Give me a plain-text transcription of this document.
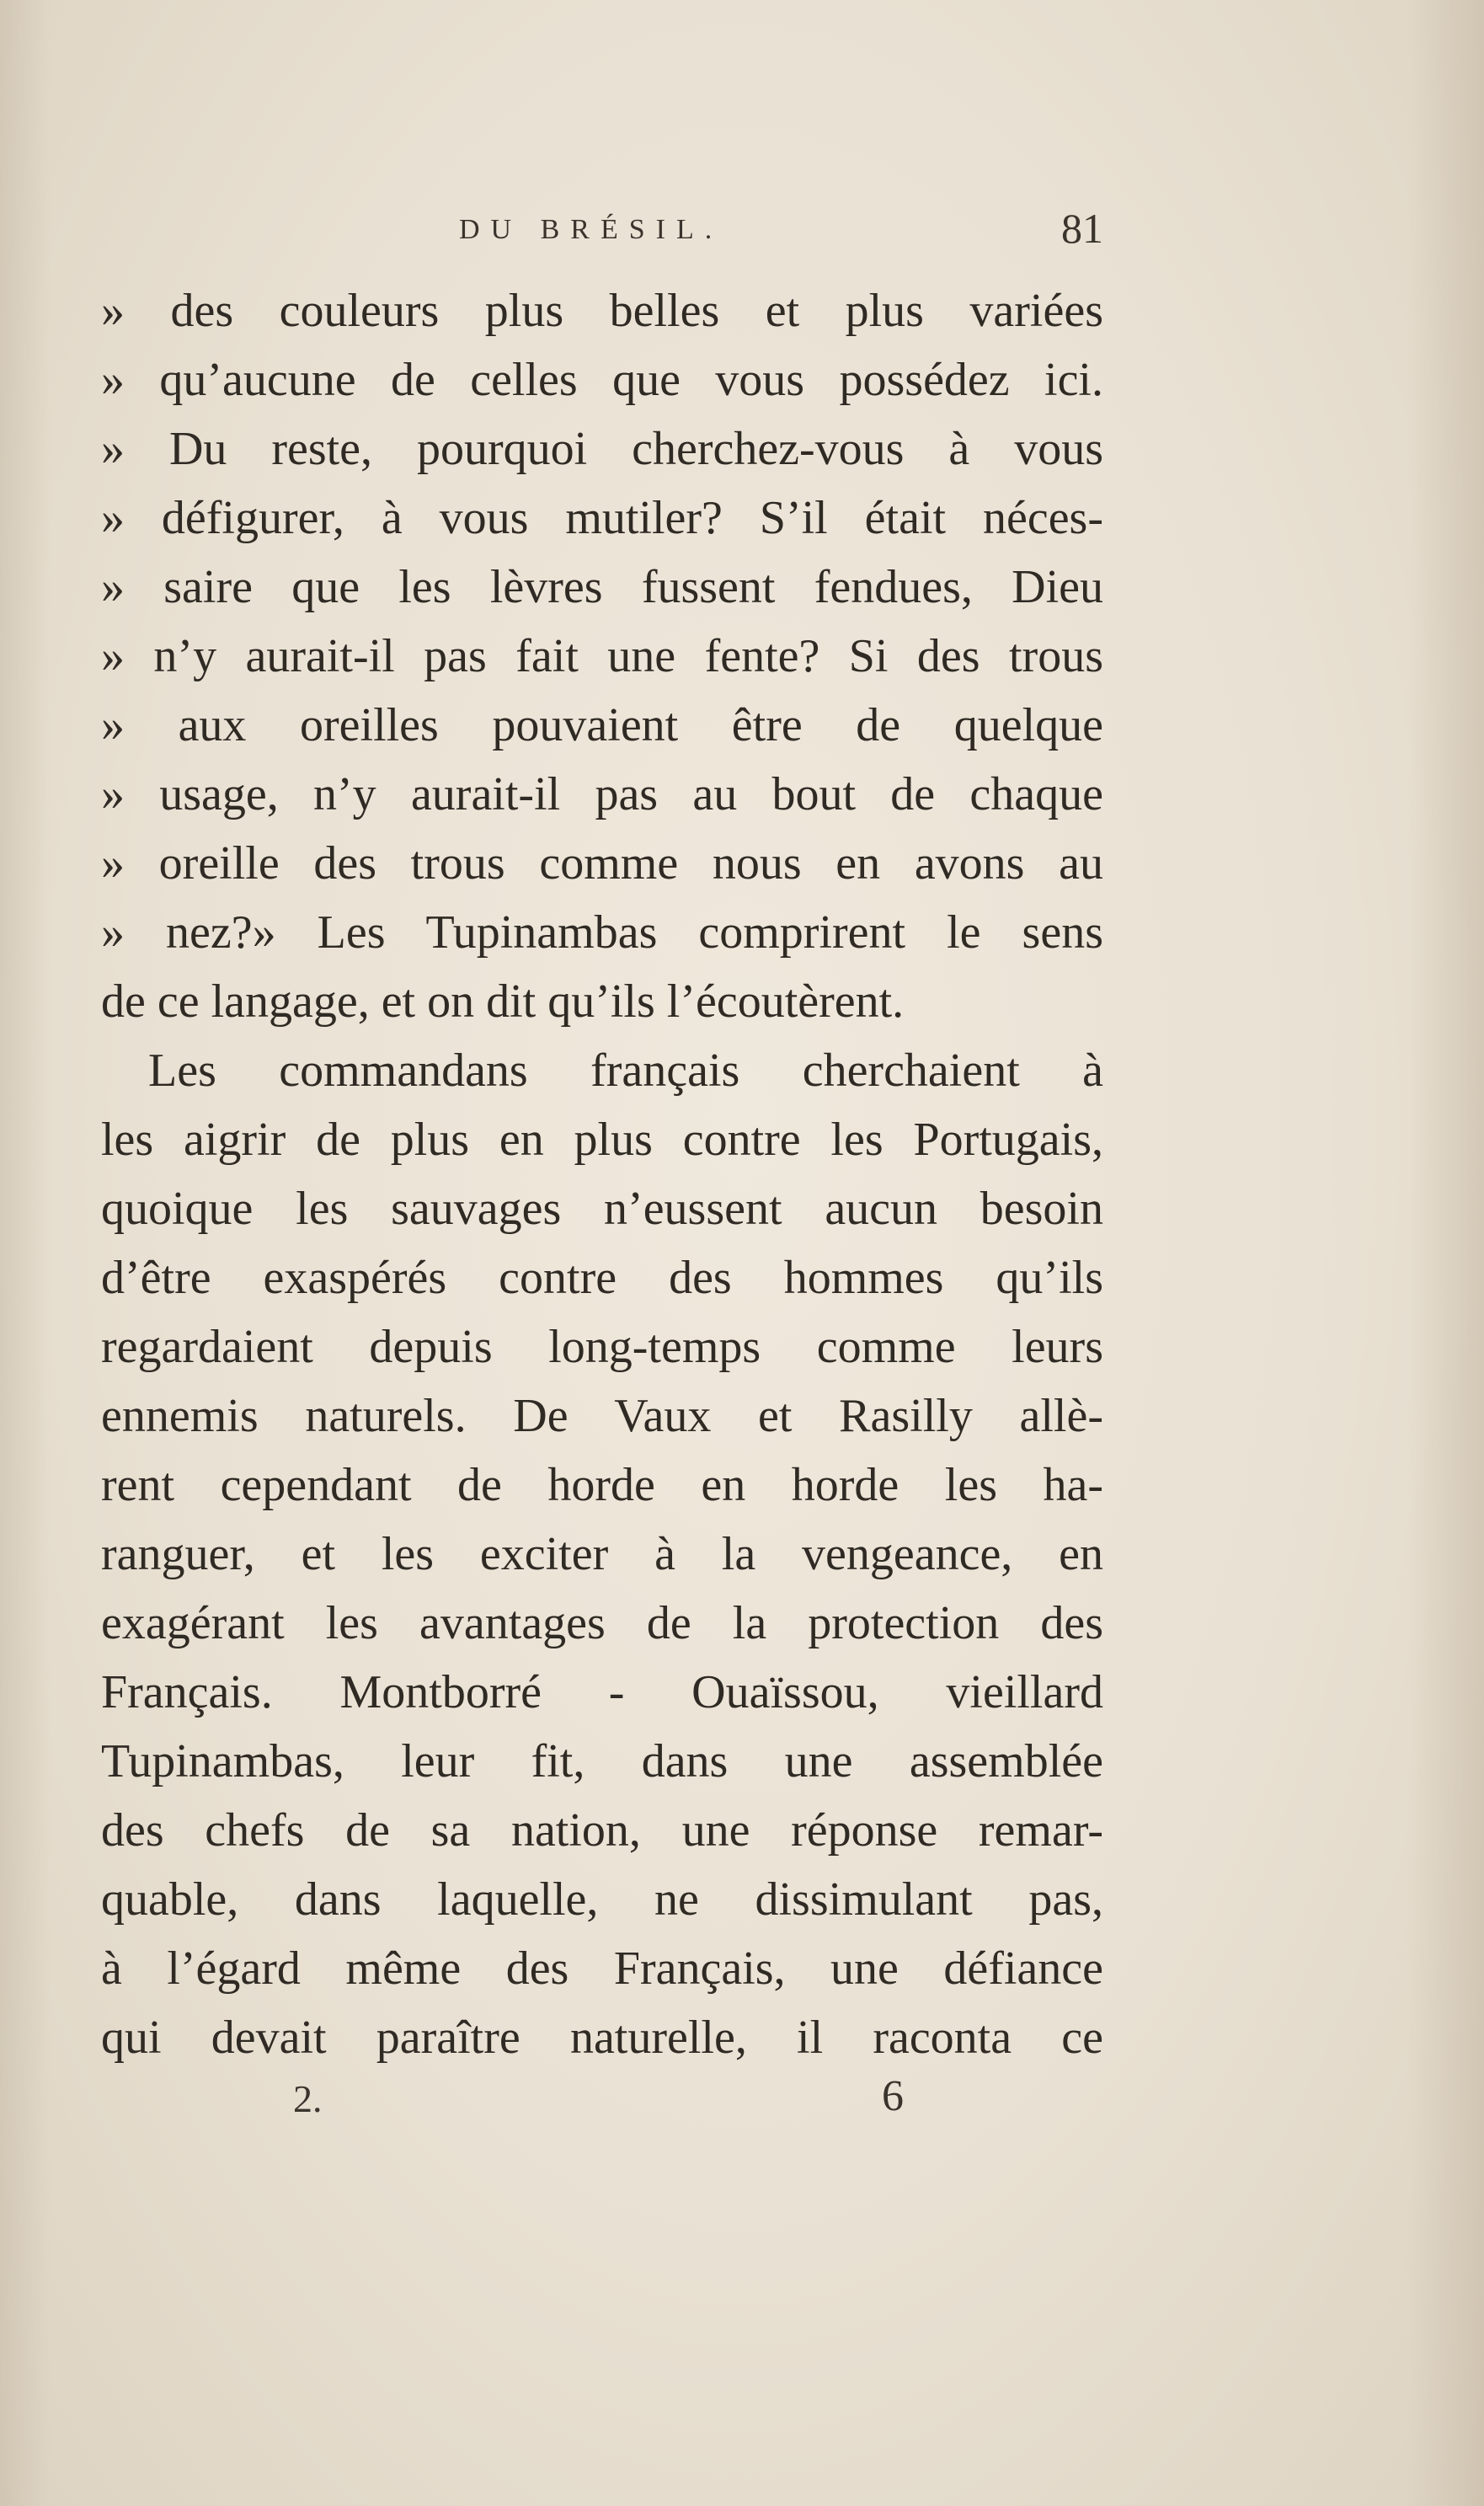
DU BRÉSIL.	81
» des couleurs plus belles et plus variées
» qu’aucune de celles que vous possédez ici.
» Du reste, pourquoi cherchez-vous à vous
» défigurer, à vous mutiler? S’il était néces-
» saire que les lèvres fussent fendues, Dieu
» n’y aurait-il pas fait une fente? Si des trous
» aux oreilles pouvaient être de quelque
» usage, n’y aurait-il pas au bout de chaque
» oreille des trous comme nous en avons au
» nez?» Les Tupinambas comprirent le sens
de ce langage, et on dit qu’ils l’écoutèrent.
Les commandans français cherchaient à
les aigrir de plus en plus contre les Portugais,
quoique les sauvages n’eussent aucun besoin
d’être exaspérés contre des hommes qu’ils
regardaient depuis long-temps comme leurs
ennemis naturels. De Vaux et Rasilly allè-
rent cependant de horde en horde les ha-
ranguer, et les exciter à la vengeance, en
exagérant les avantages de la protection des
Français. Montborré - Ouaïssou, vieillard
Tupinambas, leur fit, dans une assemblée
des chefs de sa nation, une réponse remar-
quable, dans laquelle, ne dissimulant pas,
à l’égard même des Français, une défiance
qui devait paraître naturelle, il raconta ce
2.	6
